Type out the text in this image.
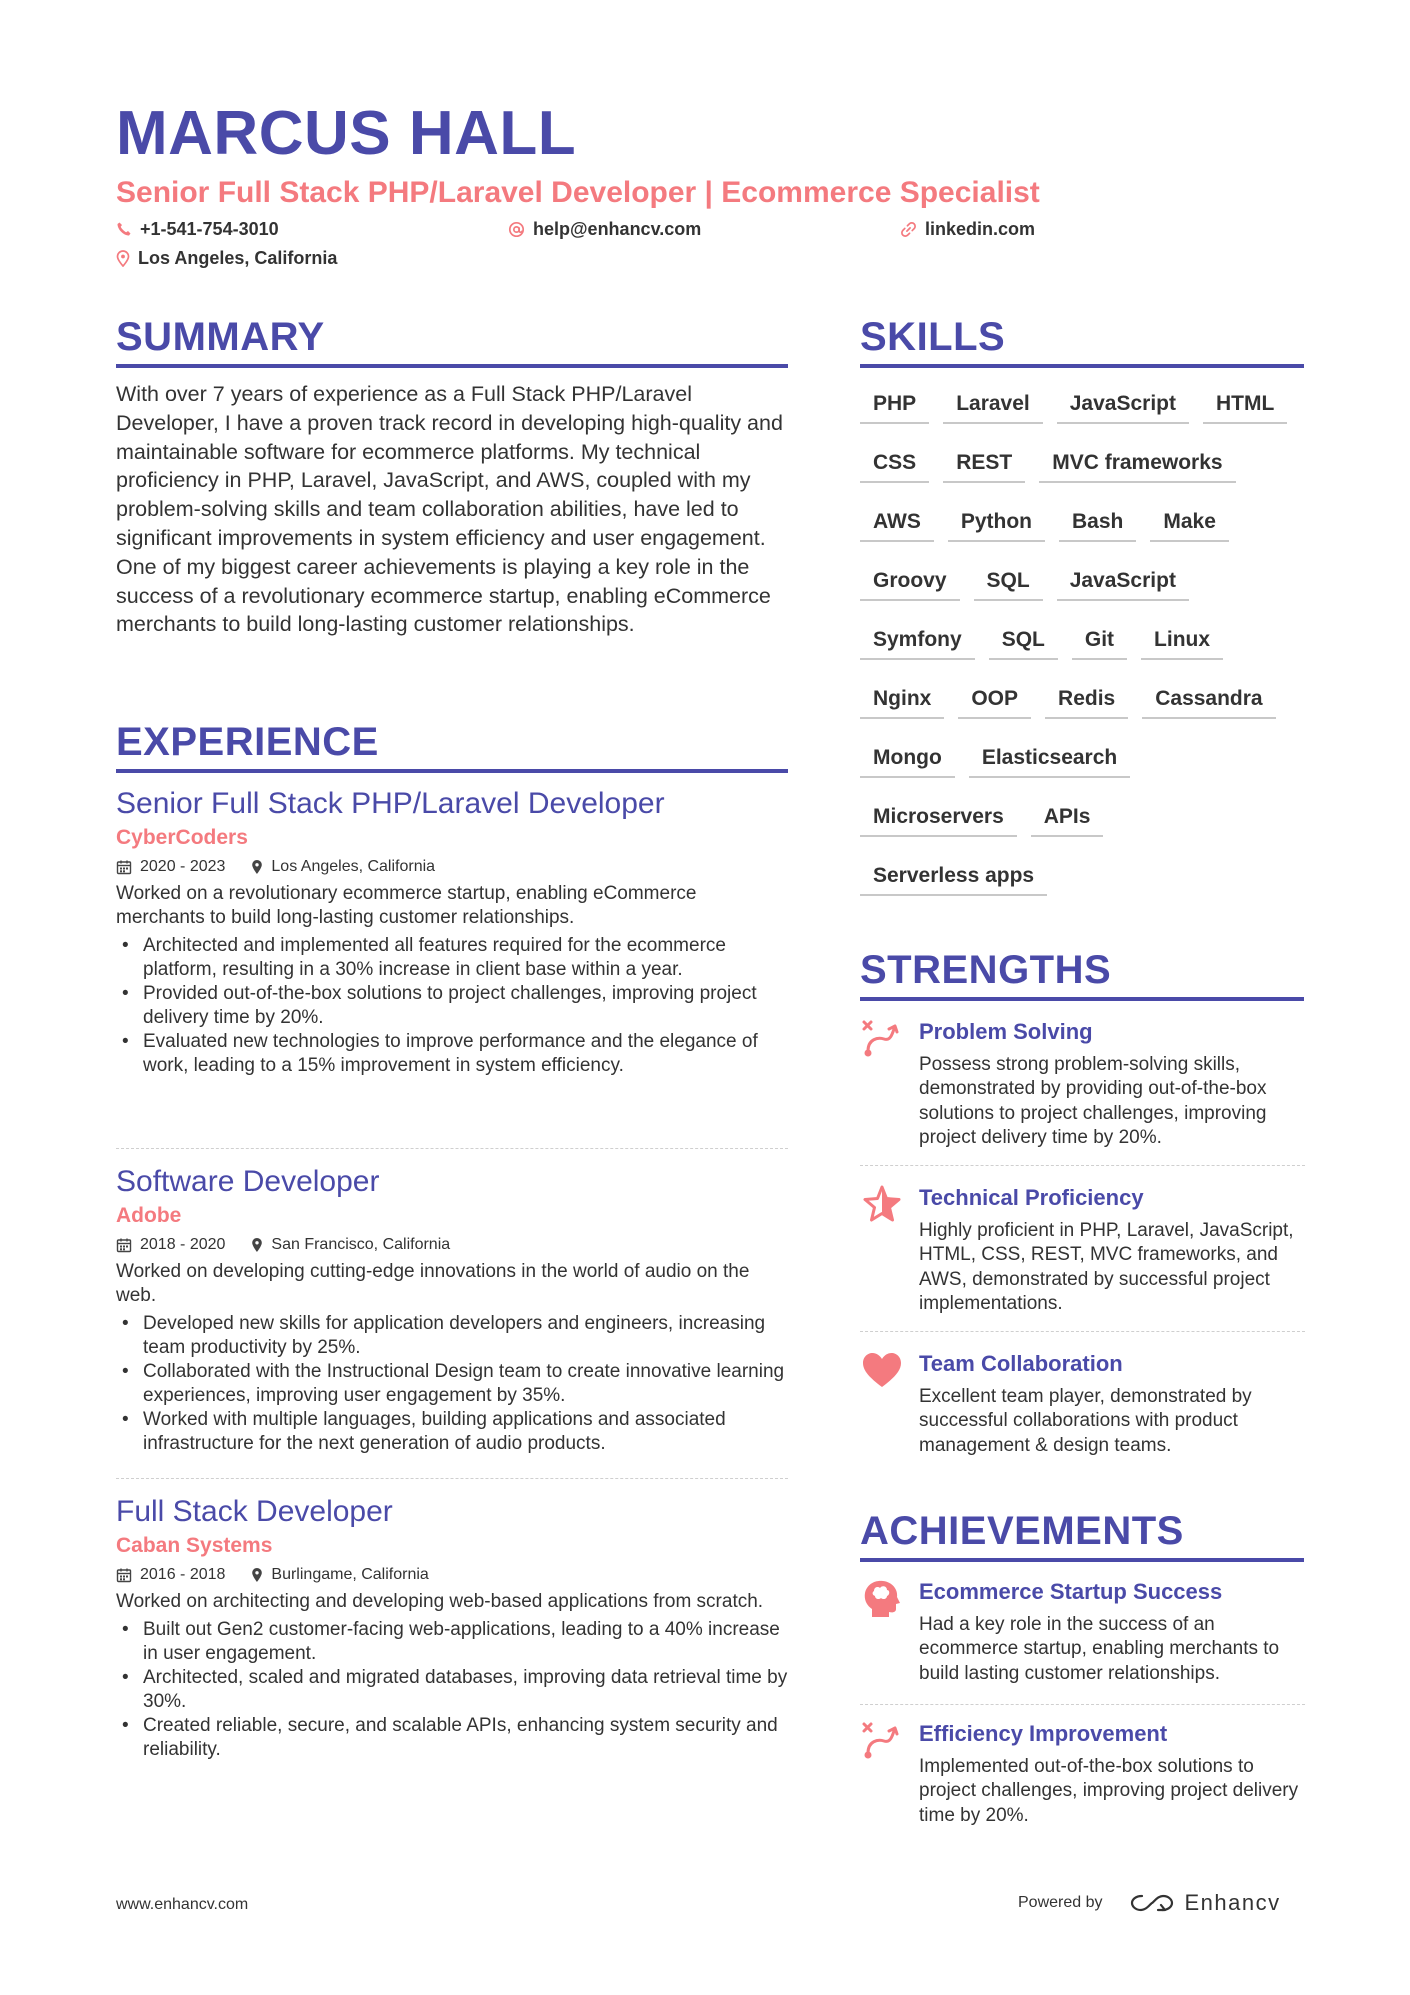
MARCUS HALL
Senior Full Stack PHP/Laravel Developer | Ecommerce Specialist
+1-541-754-3010	help@enhancv.com	linkedin.com
Los Angeles, California
SUMMARY
With over 7 years of experience as a Full Stack PHP/Laravel Developer, I have a proven track record in developing high-quality and maintainable software for ecommerce platforms. My technical proficiency in PHP, Laravel, JavaScript, and AWS, coupled with my problem-solving skills and team collaboration abilities, have led to significant improvements in system efficiency and user engagement. One of my biggest career achievements is playing a key role in the success of a revolutionary ecommerce startup, enabling eCommerce merchants to build long-lasting customer relationships.
EXPERIENCE
Senior Full Stack PHP/Laravel Developer
CyberCoders
2020 - 2023	Los Angeles, California
Worked on a revolutionary ecommerce startup, enabling eCommerce merchants to build long-lasting customer relationships.
• Architected and implemented all features required for the ecommerce platform, resulting in a 30% increase in client base within a year.
• Provided out-of-the-box solutions to project challenges, improving project delivery time by 20%.
• Evaluated new technologies to improve performance and the elegance of work, leading to a 15% improvement in system efficiency.
Software Developer
Adobe
2018 - 2020	San Francisco, California
Worked on developing cutting-edge innovations in the world of audio on the web.
• Developed new skills for application developers and engineers, increasing team productivity by 25%.
• Collaborated with the Instructional Design team to create innovative learning experiences, improving user engagement by 35%.
• Worked with multiple languages, building applications and associated infrastructure for the next generation of audio products.
Full Stack Developer
Caban Systems
2016 - 2018	Burlingame, California
Worked on architecting and developing web-based applications from scratch.
• Built out Gen2 customer-facing web-applications, leading to a 40% increase in user engagement.
• Architected, scaled and migrated databases, improving data retrieval time by 30%.
• Created reliable, secure, and scalable APIs, enhancing system security and reliability.
SKILLS
PHP	Laravel	JavaScript	HTML
CSS	REST	MVC frameworks
AWS	Python	Bash	Make
Groovy	SQL	JavaScript
Symfony	SQL	Git	Linux
Nginx	OOP	Redis	Cassandra
Mongo	Elasticsearch
Microservers	APIs
Serverless apps
STRENGTHS
Problem Solving
Possess strong problem-solving skills, demonstrated by providing out-of-the-box solutions to project challenges, improving project delivery time by 20%.
Technical Proficiency
Highly proficient in PHP, Laravel, JavaScript, HTML, CSS, REST, MVC frameworks, and AWS, demonstrated by successful project implementations.
Team Collaboration
Excellent team player, demonstrated by successful collaborations with product management & design teams.
ACHIEVEMENTS
Ecommerce Startup Success
Had a key role in the success of an ecommerce startup, enabling merchants to build lasting customer relationships.
Efficiency Improvement
Implemented out-of-the-box solutions to project challenges, improving project delivery time by 20%.
www.enhancv.com	Powered by	Enhancv
